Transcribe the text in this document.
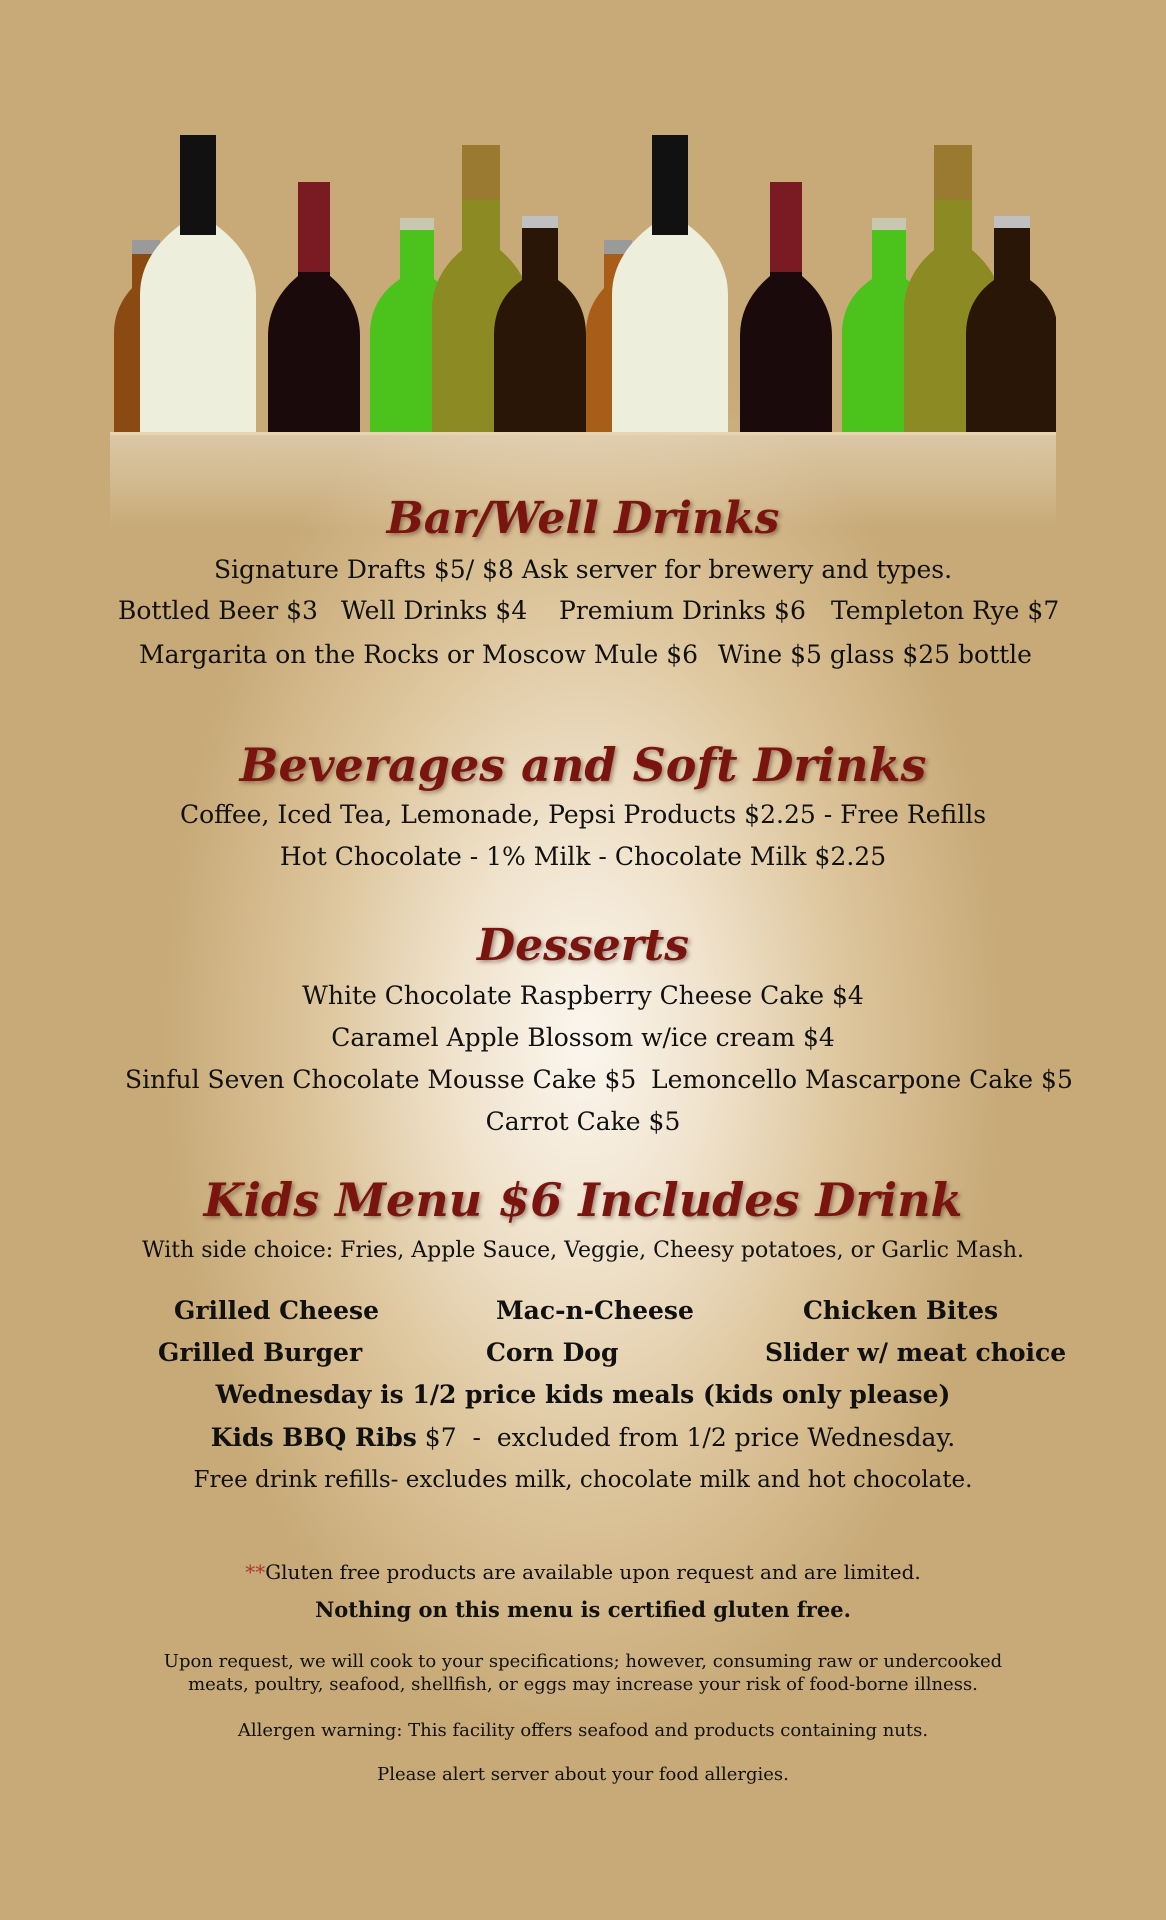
Bar/Well Drinks
Signature Drafts $5/ $8 Ask server for brewery and types.
Bottled Beer $3 Well Drinks $4 Premium Drinks $6 Templeton Rye $7
Margarita on the Rocks or Moscow Mule $6 Wine $5 glass $25 bottle
Beverages and Soft Drinks
Coffee, Iced Tea, Lemonade, Pepsi Products $2.25 - Free Refills
Hot Chocolate - 1% Milk - Chocolate Milk $2.25
Desserts
White Chocolate Raspberry Cheese Cake $4
Caramel Apple Blossom w/ice cream $4
Sinful Seven Chocolate Mousse Cake $5 Lemoncello Mascarpone Cake $5
Carrot Cake $5
Kids Menu $6 Includes Drink
With side choice: Fries, Apple Sauce, Veggie, Cheesy potatoes, or Garlic Mash.
Grilled Cheese	Mac-n-Cheese	Chicken Bites
Grilled Burger	Corn Dog	Slider w/ meat choice
Wednesday is 1/2 price kids meals (kids only please)
Kids BBQ Ribs $7  -  excluded from 1/2 price Wednesday.
Free drink refills- excludes milk, chocolate milk and hot chocolate.
**Gluten free products are available upon request and are limited.
Nothing on this menu is certified gluten free.
Upon request, we will cook to your specifications; however, consuming raw or undercooked
meats, poultry, seafood, shellfish, or eggs may increase your risk of food-borne illness.
Allergen warning: This facility offers seafood and products containing nuts.
Please alert server about your food allergies.
